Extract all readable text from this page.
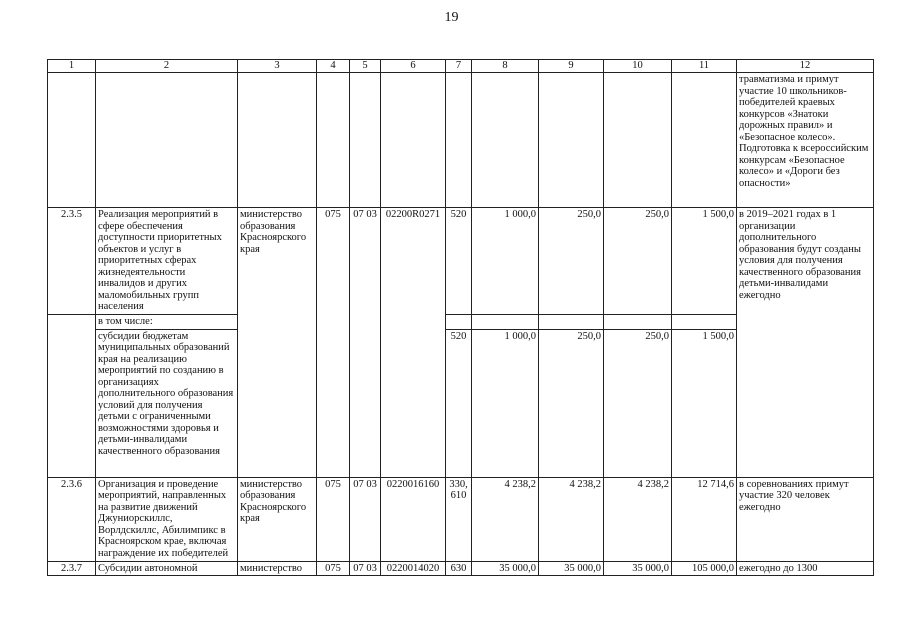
19
1	2	3	4	5	6	7	8	9	10	11	12
											травматизма и примут участие 10 школьников-победителей краевых конкурсов «Знатоки дорожных правил» и «Безопасное колесо». Подготовка к всероссийским конкурсам «Безопасное колесо» и «Дороги без опасности»
2.3.5	Реализация мероприятий в сфере обеспечения доступности приоритетных объектов и услуг в приоритетных сферах жизнедеятельности инвалидов и других маломобильных групп населения	министерство образования Красноярского края	075	07 03	02200R0271	520	1 000,0	250,0	250,0	1 500,0	в 2019–2021 годах в 1 организации дополнительного образования будут созданы условия для получения качественного образования детьми-инвалидами ежегодно
	в том числе:										
	субсидии бюджетам муниципальных образований края на реализацию мероприятий по созданию в организациях дополнительного образования условий для получения детьми с ограниченными возможностями здоровья и детьми-инвалидами качественного образования					520	1 000,0	250,0	250,0	1 500,0	
2.3.6	Организация и проведение мероприятий, направленных на развитие движений Джуниорскиллс, Ворлдскиллс, Абилимпикс в Красноярском крае, включая награждение их победителей	министерство образования Красноярского края	075	07 03	0220016160	330, 610	4 238,2	4 238,2	4 238,2	12 714,6	в соревнованиях примут участие 320 человек ежегодно
2.3.7	Субсидии автономной	министерство	075	07 03	0220014020	630	35 000,0	35 000,0	35 000,0	105 000,0	ежегодно до 1300
